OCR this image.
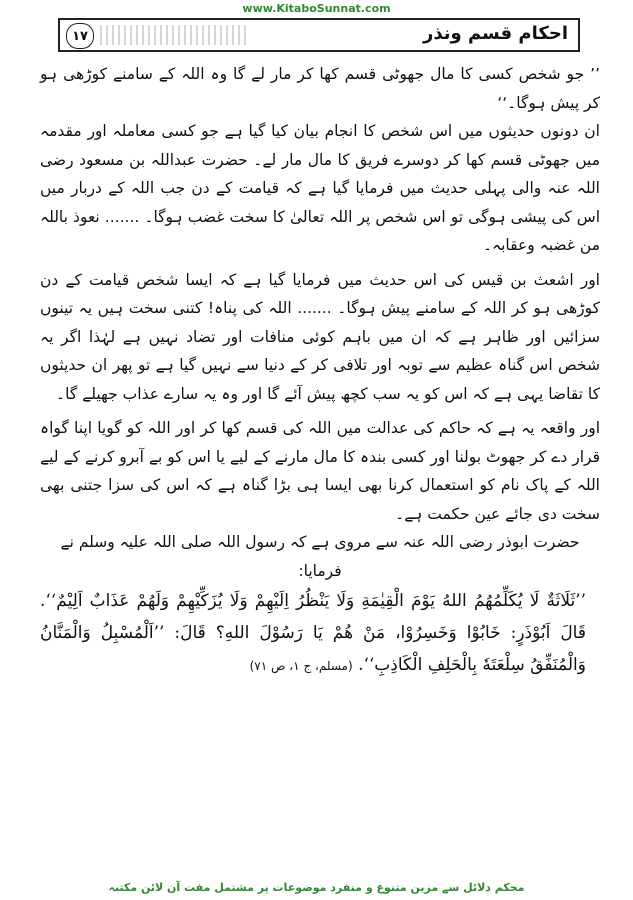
www.KitaboSunnat.com
١٧	احکام قسم ونذر

’’ جو شخص کسی کا مال جھوٹی قسم کھا کر مار لے گا وہ اللہ کے سامنے کوڑھی ہو کر پیش ہوگا۔‘‘

ان دونوں حدیثوں میں اس شخص کا انجام بیان کیا گیا ہے جو کسی معاملہ اور مقدمہ میں جھوٹی قسم کھا کر دوسرے فریق کا مال مار لے۔ حضرت عبداللہ بن مسعود رضی اللہ عنہ والی پہلی حدیث میں فرمایا گیا ہے کہ قیامت کے دن جب اللہ کے دربار میں اس کی پیشی ہوگی تو اس شخص پر اللہ تعالیٰ کا سخت غضب ہوگا۔ ....... نعوذ باللہ من غضبہ وعقابہ۔

اور اشعث بن قیس کی اس حدیث میں فرمایا گیا ہے کہ ایسا شخص قیامت کے دن کوڑھی ہو کر اللہ کے سامنے پیش ہوگا۔ ....... اللہ کی پناہ! کتنی سخت ہیں یہ تینوں سزائیں اور ظاہر ہے کہ ان میں باہم کوئی منافات اور تضاد نہیں ہے لہٰذا اگر یہ شخص اس گناہ عظیم سے توبہ اور تلافی کر کے دنیا سے نہیں گیا ہے تو پھر ان حدیثوں کا تقاضا یہی ہے کہ اس کو یہ سب کچھ پیش آئے گا اور وہ یہ سارے عذاب جھیلے گا۔

اور واقعہ یہ ہے کہ حاکم کی عدالت میں اللہ کی قسم کھا کر اور اللہ کو گویا اپنا گواہ قرار دے کر جھوٹ بولنا اور کسی بندہ کا مال مارنے کے لیے یا اس کو بے آبرو کرنے کے لیے اللہ کے پاک نام کو استعمال کرنا بھی ایسا ہی بڑا گناہ ہے کہ اس کی سزا جتنی بھی سخت دی جائے عین حکمت ہے۔

حضرت ابوذر رضی اللہ عنہ سے مروی ہے کہ رسول اللہ صلی اللہ علیہ وسلم نے فرمایا:

’’ثَلَاثَةٌ لَا يُكَلِّمُهُمُ اللهُ يَوْمَ الْقِيٰمَةِ وَلَا يَنْظُرُ اِلَيْهِمْ وَلَا يُزَكِّيْهِمْ وَلَهُمْ عَذَابٌ اَلِيْمٌ‘‘. قَالَ اَبُوْذَرٍ: خَابُوْا وَخَسِرُوْا، مَنْ هُمْ يَا رَسُوْلَ اللهِ؟ قَالَ: ’’اَلْمُسْبِلُ وَالْمَنَّانُ وَالْمُنَفِّقُ سِلْعَتَهٗ بِالْحَلِفِ الْكَاذِبِ‘‘. (مسلم، ج ۱، ص ۷۱)

محکم دلائل سے مزین متنوع و منفرد موضوعات پر مشتمل مفت آن لائن مکتبہ
